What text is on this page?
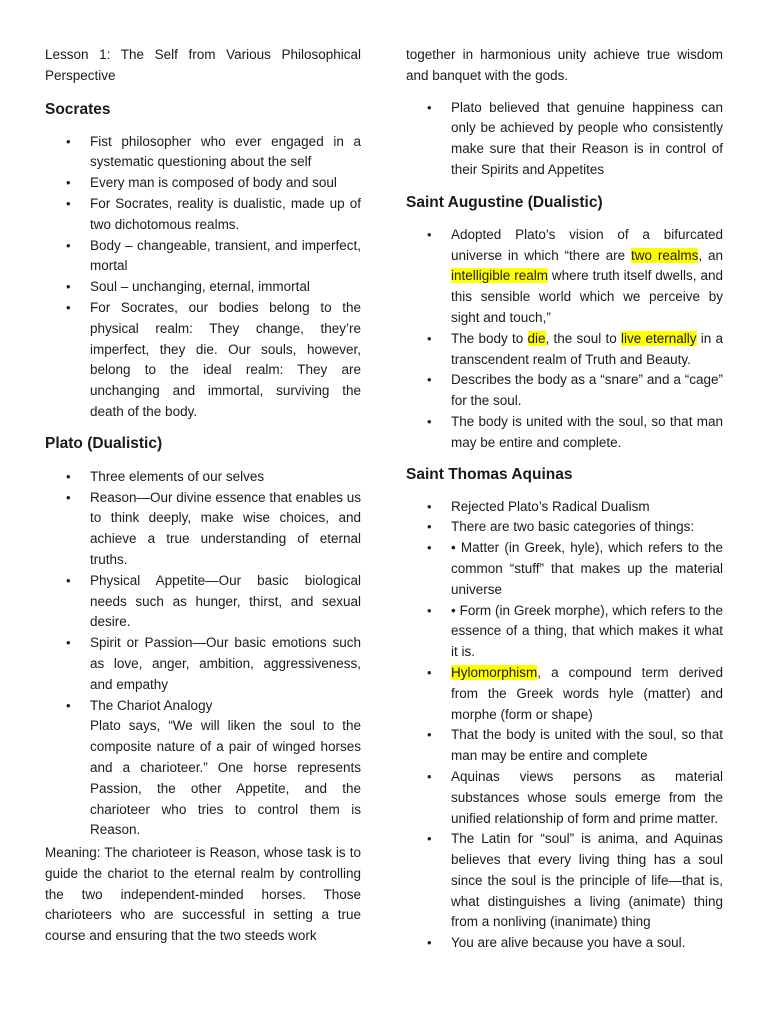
Lesson 1: The Self from Various Philosophical Perspective

Socrates
• Fist philosopher who ever engaged in a systematic questioning about the self
• Every man is composed of body and soul
• For Socrates, reality is dualistic, made up of two dichotomous realms.
• Body – changeable, transient, and imperfect, mortal
• Soul – unchanging, eternal, immortal
• For Socrates, our bodies belong to the physical realm: They change, they’re imperfect, they die. Our souls, however, belong to the ideal realm: They are unchanging and immortal, surviving the death of the body.
Plato (Dualistic)
• Three elements of our selves
• Reason—Our divine essence that enables us to think deeply, make wise choices, and achieve a true understanding of eternal truths.
• Physical Appetite—Our basic biological needs such as hunger, thirst, and sexual desire.
• Spirit or Passion—Our basic emotions such as love, anger, ambition, aggressiveness, and empathy
• The Chariot Analogy
Plato says, “We will liken the soul to the composite nature of a pair of winged horses and a charioteer.” One horse represents Passion, the other Appetite, and the charioteer who tries to control them is Reason.

Meaning: The charioteer is Reason, whose task is to guide the chariot to the eternal realm by controlling the two independent-minded horses. Those charioteers who are successful in setting a true course and ensuring that the two steeds work

together in harmonious unity achieve true wisdom and banquet with the gods.

• Plato believed that genuine happiness can only be achieved by people who consistently make sure that their Reason is in control of their Spirits and Appetites
Saint Augustine (Dualistic)
• Adopted Plato’s vision of a bifurcated universe in which “there are two realms, an intelligible realm where truth itself dwells, and this sensible world which we perceive by sight and touch,”
• The body to die, the soul to live eternally in a transcendent realm of Truth and Beauty.
• Describes the body as a “snare” and a “cage” for the soul.
• The body is united with the soul, so that man may be entire and complete.
Saint Thomas Aquinas
• Rejected Plato’s Radical Dualism
• There are two basic categories of things:
• • Matter (in Greek, hyle), which refers to the common “stuff” that makes up the material universe
• • Form (in Greek morphe), which refers to the essence of a thing, that which makes it what it is.
• Hylomorphism, a compound term derived from the Greek words hyle (matter) and morphe (form or shape)
• That the body is united with the soul, so that man may be entire and complete
• Aquinas views persons as material substances whose souls emerge from the unified relationship of form and prime matter.
• The Latin for “soul” is anima, and Aquinas believes that every living thing has a soul since the soul is the principle of life—that is, what distinguishes a living (animate) thing from a nonliving (inanimate) thing
• You are alive because you have a soul.
